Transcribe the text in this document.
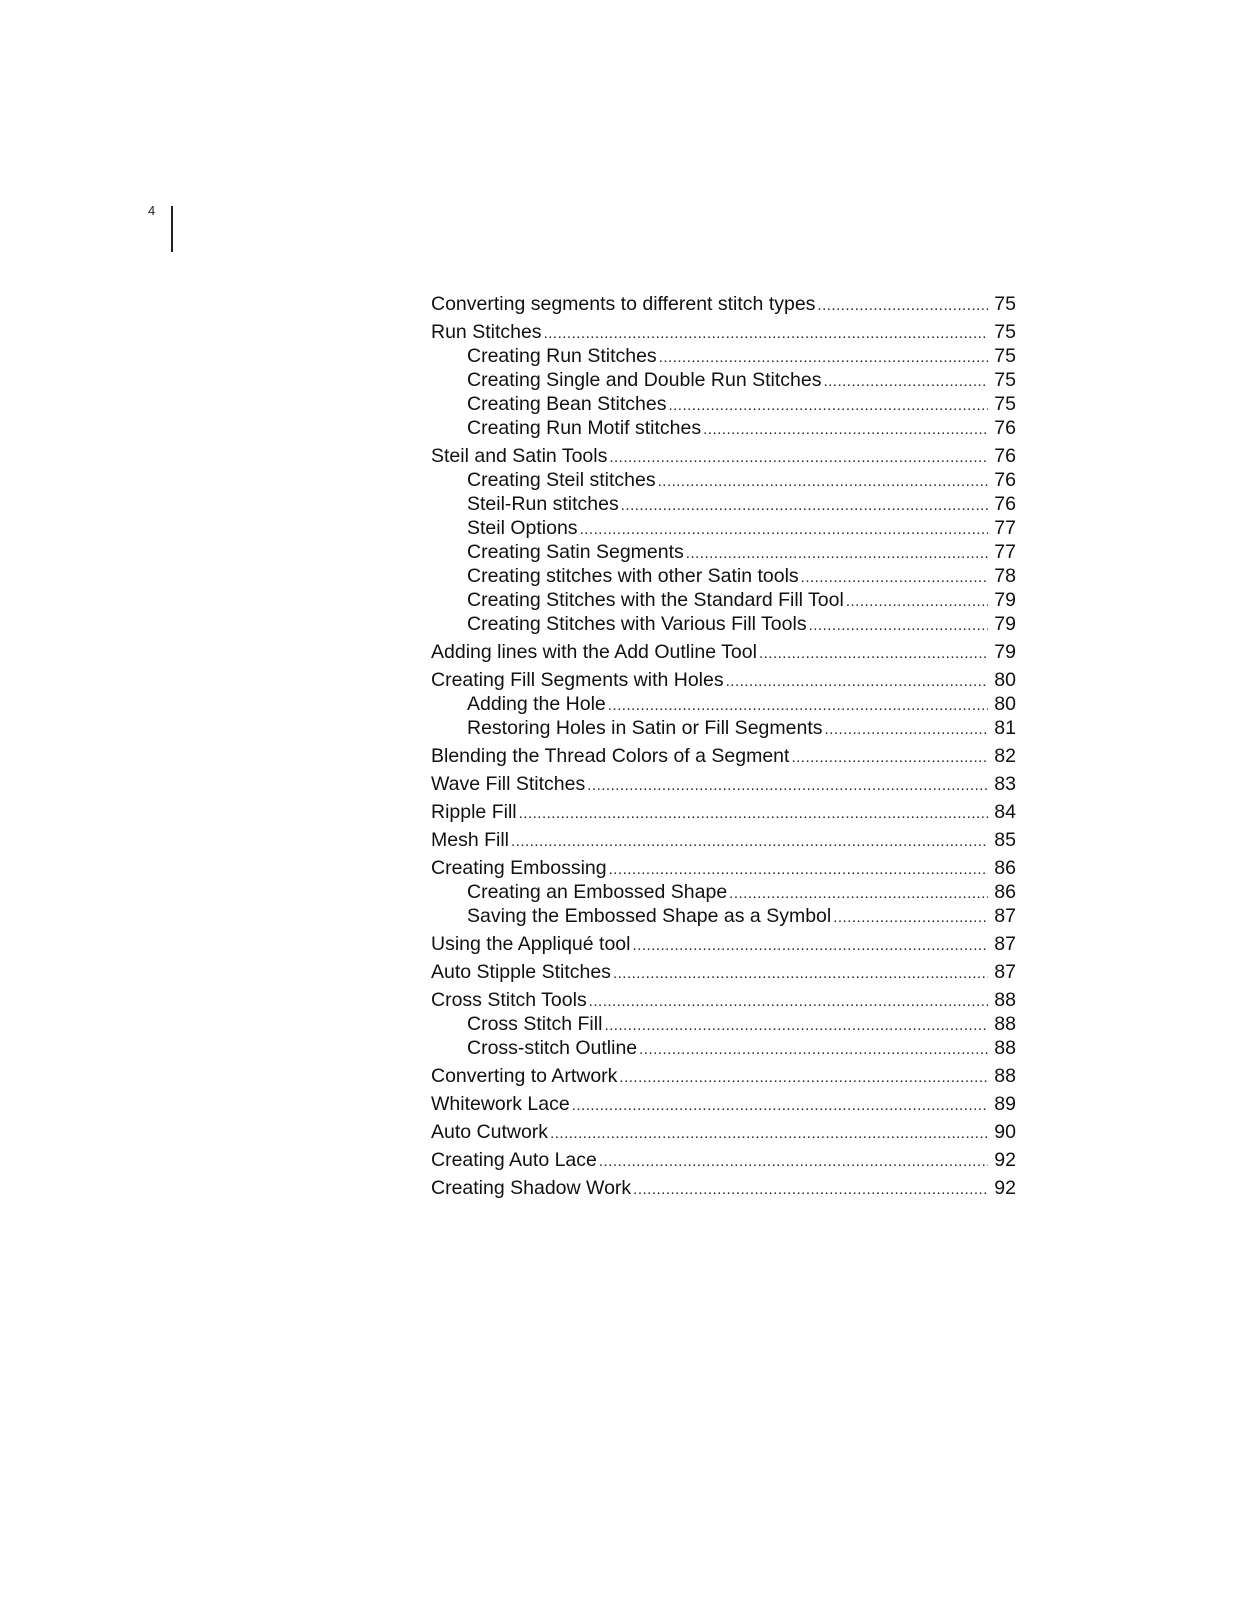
4
Converting segments to different stitch types .....	75
Run Stitches .....	75
Creating Run Stitches .....	75
Creating Single and Double Run Stitches .....	75
Creating Bean Stitches .....	75
Creating Run Motif stitches .....	76
Steil and Satin Tools .....	76
Creating Steil stitches .....	76
Steil-Run stitches .....	76
Steil Options .....	77
Creating Satin Segments .....	77
Creating stitches with other Satin tools .....	78
Creating Stitches with the Standard Fill Tool .....	79
Creating Stitches with Various Fill Tools .....	79
Adding lines with the Add Outline Tool .....	79
Creating Fill Segments with Holes .....	80
Adding the Hole .....	80
Restoring Holes in Satin or Fill Segments .....	81
Blending the Thread Colors of a Segment .....	82
Wave Fill Stitches .....	83
Ripple Fill .....	84
Mesh Fill .....	85
Creating Embossing .....	86
Creating an Embossed Shape .....	86
Saving the Embossed Shape as a Symbol .....	87
Using the Appliqué tool .....	87
Auto Stipple Stitches .....	87
Cross Stitch Tools .....	88
Cross Stitch Fill .....	88
Cross-stitch Outline .....	88
Converting to Artwork .....	88
Whitework Lace .....	89
Auto Cutwork .....	90
Creating Auto Lace .....	92
Creating Shadow Work .....	92
